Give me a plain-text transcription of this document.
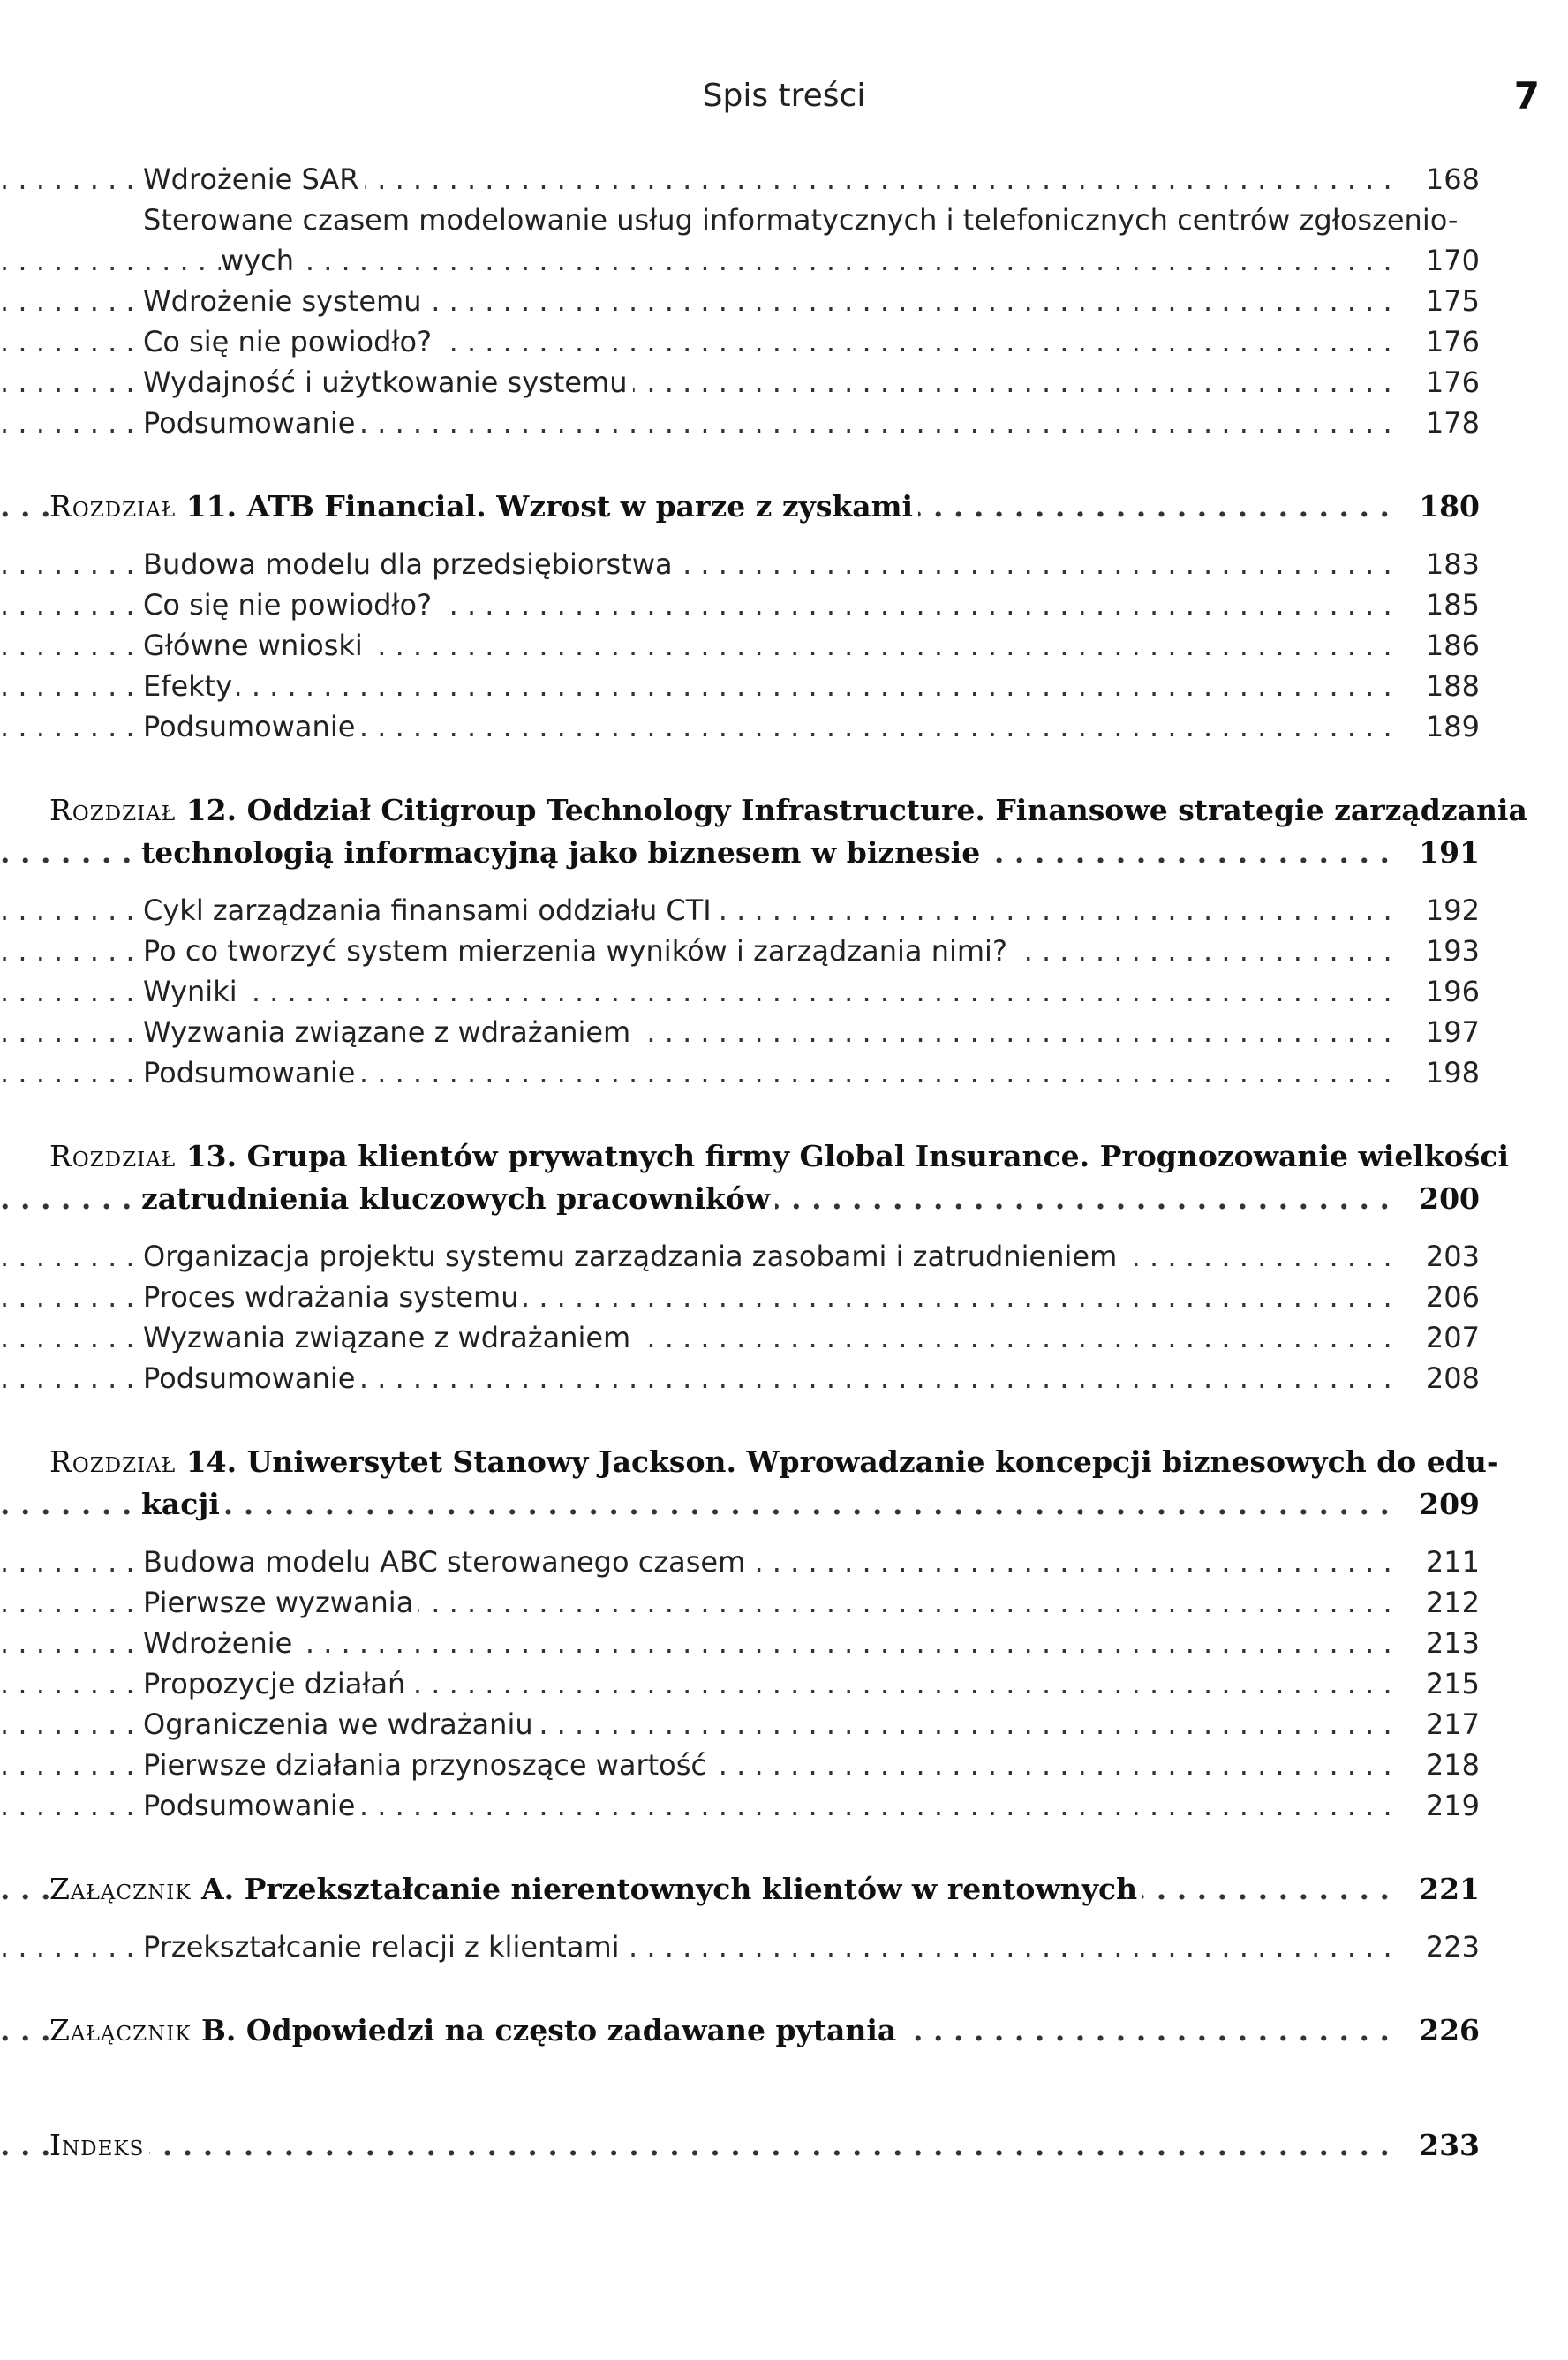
Spis treści	7
. . .
Wdrożenie SAR	168
Sterowane czasem modelowanie usług informatycznych i telefonicznych centrów zgłoszenio-
. . .
wych	170
. . .
Wdrożenie systemu	175
. . .
Co się nie powiodło?	176
. . .
Wydajność i użytkowanie systemu	176
. . .
Podsumowanie	178
. . .
Rozdział 11. ATB Financial. Wzrost w parze z zyskami	180
. . .
Budowa modelu dla przedsiębiorstwa	183
. . .
Co się nie powiodło?	185
. . .
Główne wnioski	186
. . .
Efekty	188
. . .
Podsumowanie	189
Rozdział 12. Oddział Citigroup Technology Infrastructure. Finansowe strategie zarządzania
. . .
technologią informacyjną jako biznesem w biznesie	191
. . .
Cykl zarządzania finansami oddziału CTI	192
. . .
Po co tworzyć system mierzenia wyników i zarządzania nimi?	193
. . .
Wyniki	196
. . .
Wyzwania związane z wdrażaniem	197
. . .
Podsumowanie	198
Rozdział 13. Grupa klientów prywatnych firmy Global Insurance. Prognozowanie wielkości
. . .
zatrudnienia kluczowych pracowników	200
. . .
Organizacja projektu systemu zarządzania zasobami i zatrudnieniem	203
. . .
Proces wdrażania systemu	206
. . .
Wyzwania związane z wdrażaniem	207
. . .
Podsumowanie	208
Rozdział 14. Uniwersytet Stanowy Jackson. Wprowadzanie koncepcji biznesowych do edu-
. . .
kacji	209
. . .
Budowa modelu ABC sterowanego czasem	211
. . .
Pierwsze wyzwania	212
. . .
Wdrożenie	213
. . .
Propozycje działań	215
. . .
Ograniczenia we wdrażaniu	217
. . .
Pierwsze działania przynoszące wartość	218
. . .
Podsumowanie	219
. . .
Załącznik A. Przekształcanie nierentownych klientów w rentownych	221
. . .
Przekształcanie relacji z klientami	223
. . .
Załącznik B. Odpowiedzi na często zadawane pytania	226
. . .
Indeks	233
